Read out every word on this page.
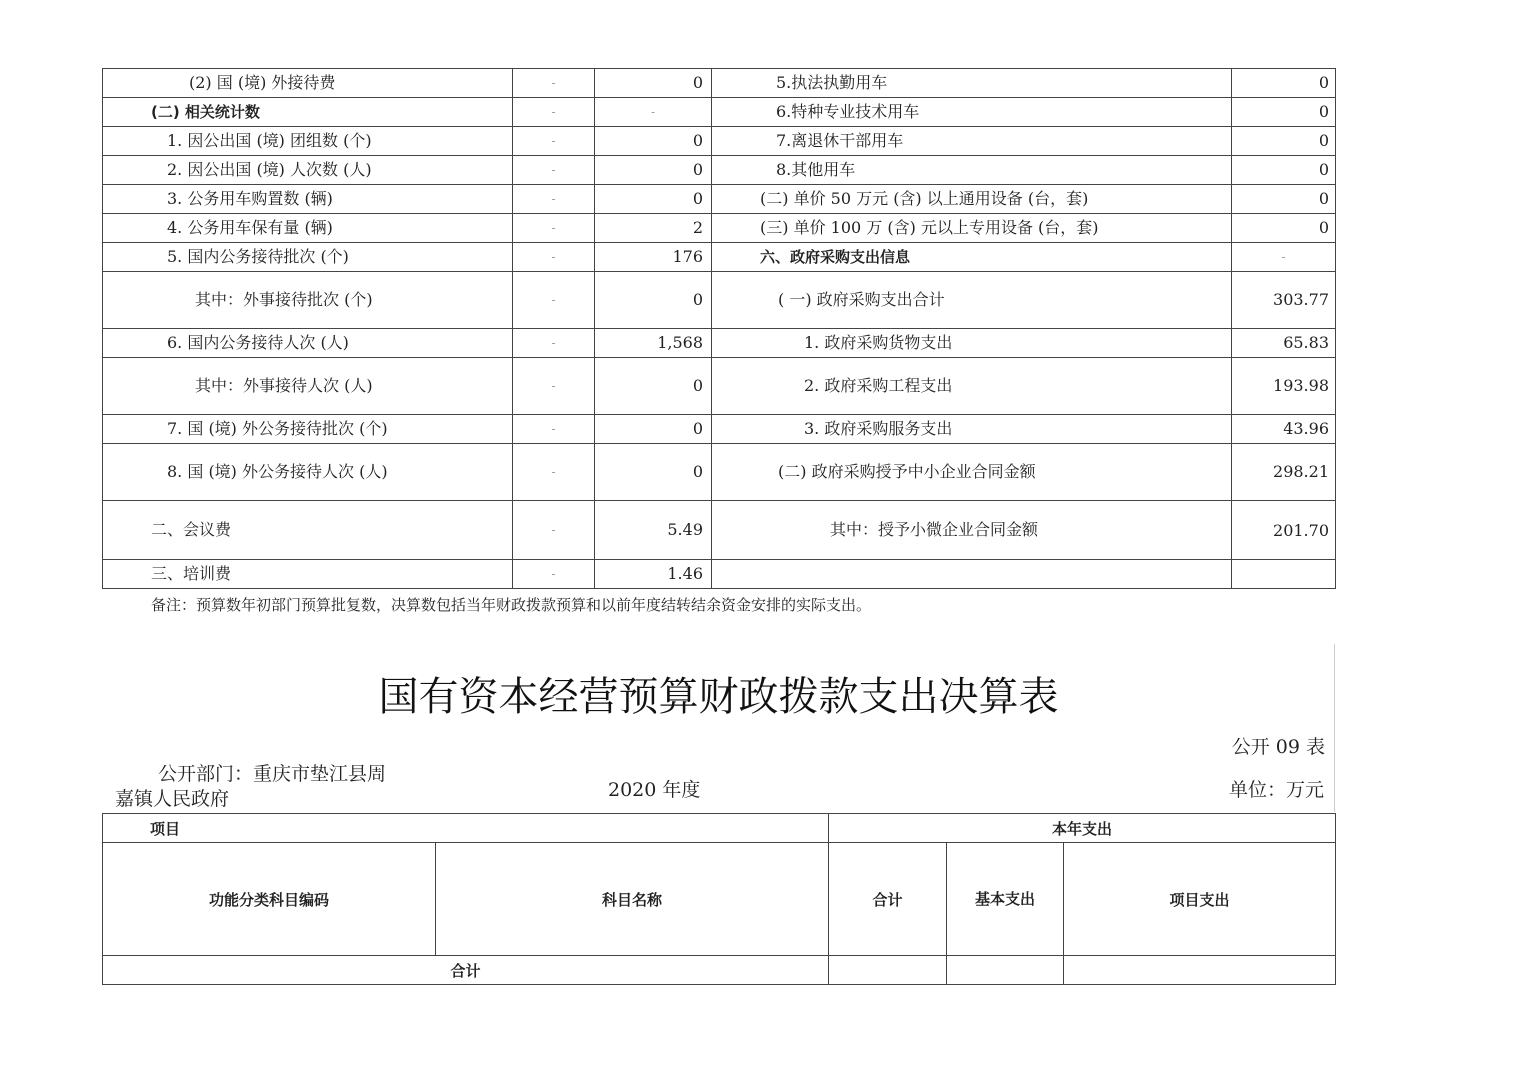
(2) 国 (境) 外接待费	-	0	5.执法执勤用车	0
(二) 相关统计数	-	-	6.特种专业技术用车	0
1. 因公出国 (境) 团组数 (个)	-	0	7.离退休干部用车	0
2. 因公出国 (境) 人次数 (人)	-	0	8.其他用车	0
3. 公务用车购置数 (辆)	-	0	(二) 单价 50 万元 (含) 以上通用设备 (台，套)	0
4. 公务用车保有量 (辆)	-	2	(三) 单价 100 万 (含) 元以上专用设备 (台，套)	0
5. 国内公务接待批次 (个)	-	176	六、政府采购支出信息	-
其中：外事接待批次 (个)	-	0	( 一) 政府采购支出合计	303.77
6. 国内公务接待人次 (人)	-	1,568	1. 政府采购货物支出	65.83
其中：外事接待人次 (人)	-	0	2. 政府采购工程支出	193.98
7. 国 (境) 外公务接待批次 (个)	-	0	3. 政府采购服务支出	43.96
8. 国 (境) 外公务接待人次 (人)	-	0	(二) 政府采购授予中小企业合同金额	298.21
二、会议费	-	5.49	其中：授予小微企业合同金额	201.70
三、培训费	-	1.46		
备注：预算数年初部门预算批复数，决算数包括当年财政拨款预算和以前年度结转结余资金安排的实际支出。
国有资本经营预算财政拨款支出决算表
公开 09 表
公开部门：重庆市垫江县周
嘉镇人民政府	2020 年度	单位：万元
项目		本年支出		
功能分类科目编码	科目名称	合计	基本支出	项目支出
合计				
